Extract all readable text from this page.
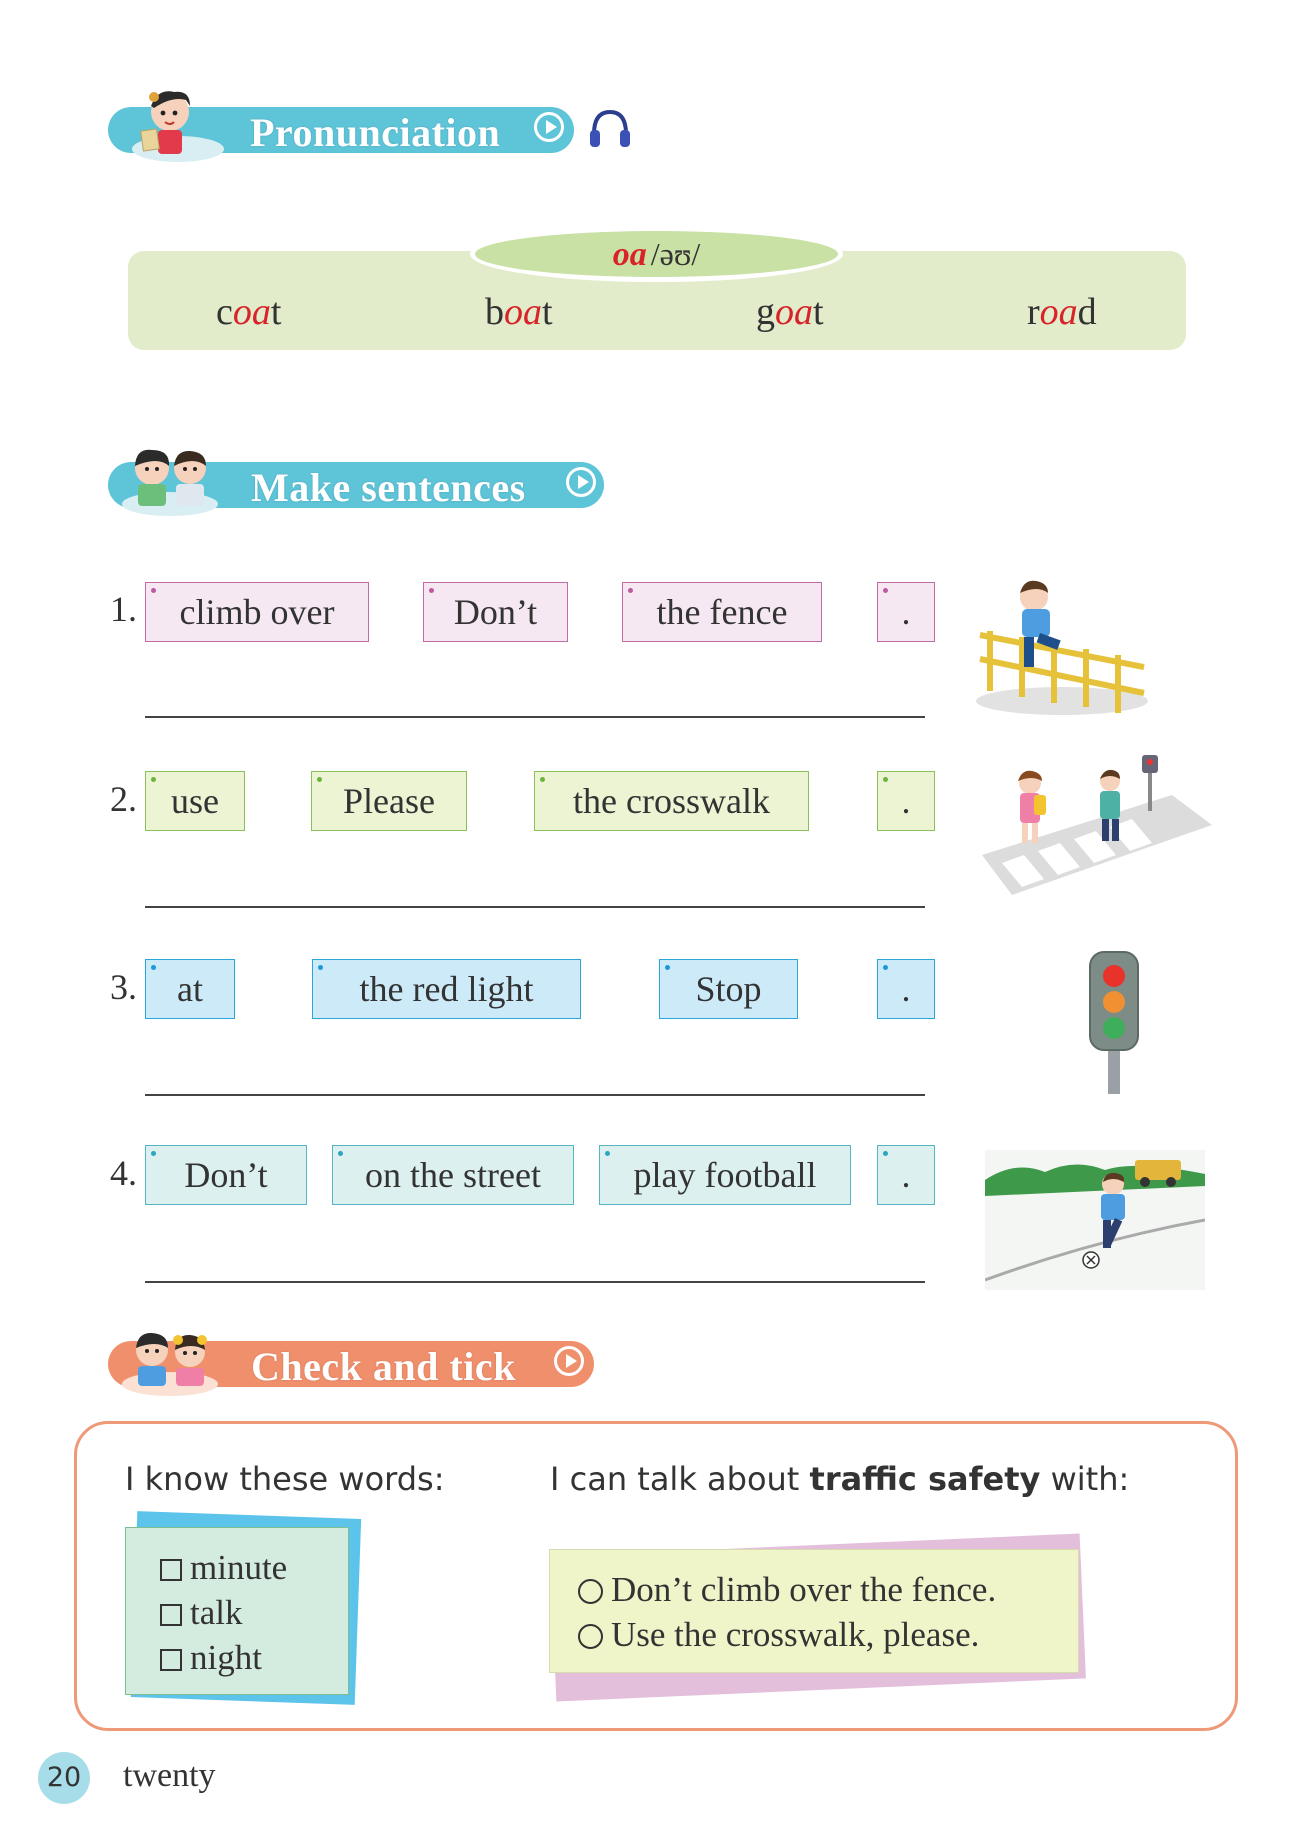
Pronunciation
oa /əʊ/
coat	boat	goat	road
Make sentences
1.	climb over	Don’t	the fence	.
2. use	Please	the crosswalk	.
3.	at	the red light	Stop	.
4.	Don’t	on the street	play football	.
Check and tick
I know these words:	I can talk about traffic safety with:
minute
talk
night
Don’t climb over the fence.
Use the crosswalk, please.
20 twenty
